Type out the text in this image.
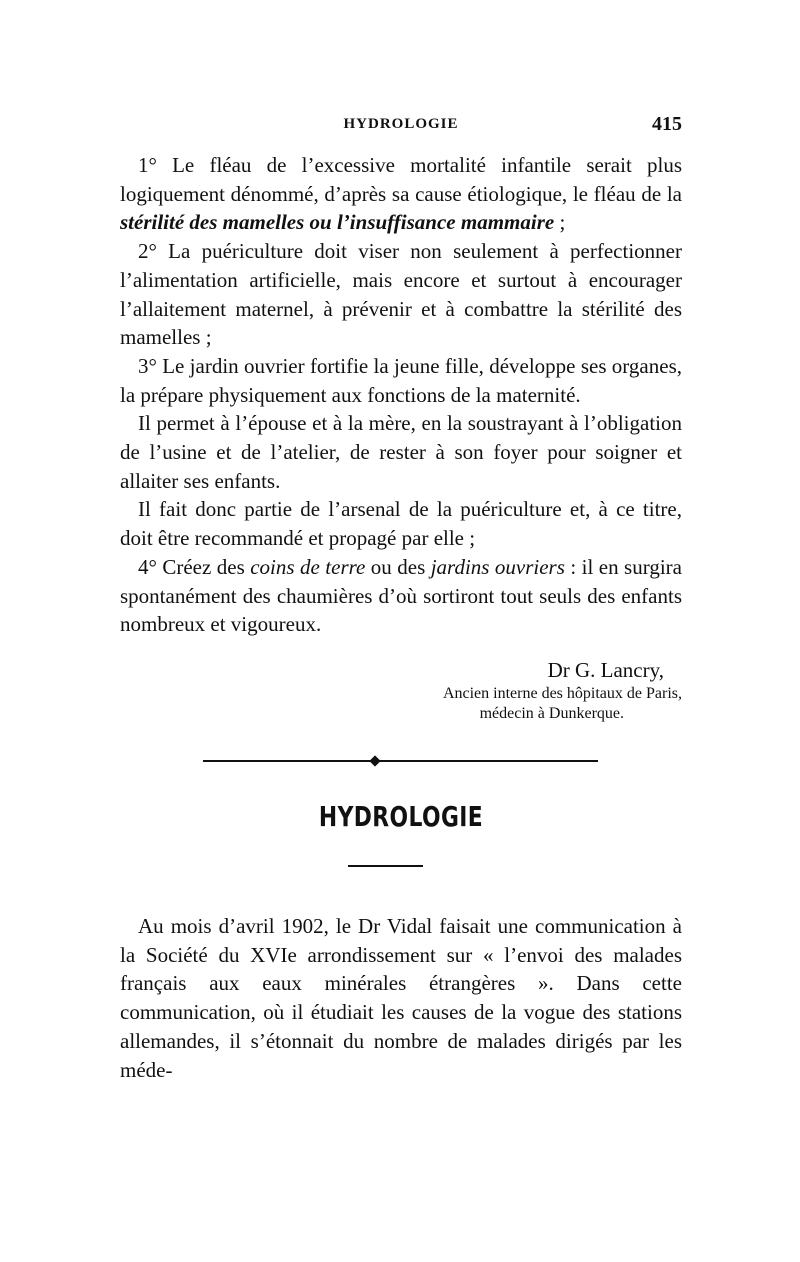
HYDROLOGIE	415

1° Le fléau de l’excessive mortalité infantile serait plus logiquement dénommé, d’après sa cause étiologique, le fléau de la stérilité des mamelles ou l’insuffisance mammaire ;

2° La puériculture doit viser non seulement à perfectionner l’alimentation artificielle, mais encore et surtout à encourager l’allaitement maternel, à prévenir et à combattre la stérilité des mamelles ;

3° Le jardin ouvrier fortifie la jeune fille, développe ses organes, la prépare physiquement aux fonctions de la maternité.

Il permet à l’épouse et à la mère, en la soustrayant à l’obligation de l’usine et de l’atelier, de rester à son foyer pour soigner et allaiter ses enfants.

Il fait donc partie de l’arsenal de la puériculture et, à ce titre, doit être recommandé et propagé par elle ;

4° Créez des coins de terre ou des jardins ouvriers : il en surgira spontanément des chaumières d’où sortiront tout seuls des enfants nombreux et vigoureux.

Dr G. Lancry,
Ancien interne des hôpitaux de Paris,
médecin à Dunkerque.
HYDROLOGIE

Au mois d’avril 1902, le Dr Vidal faisait une communication à la Société du XVIe arrondissement sur « l’envoi des malades français aux eaux minérales étrangères ». Dans cette communication, où il étudiait les causes de la vogue des stations allemandes, il s’étonnait du nombre de malades dirigés par les méde-
